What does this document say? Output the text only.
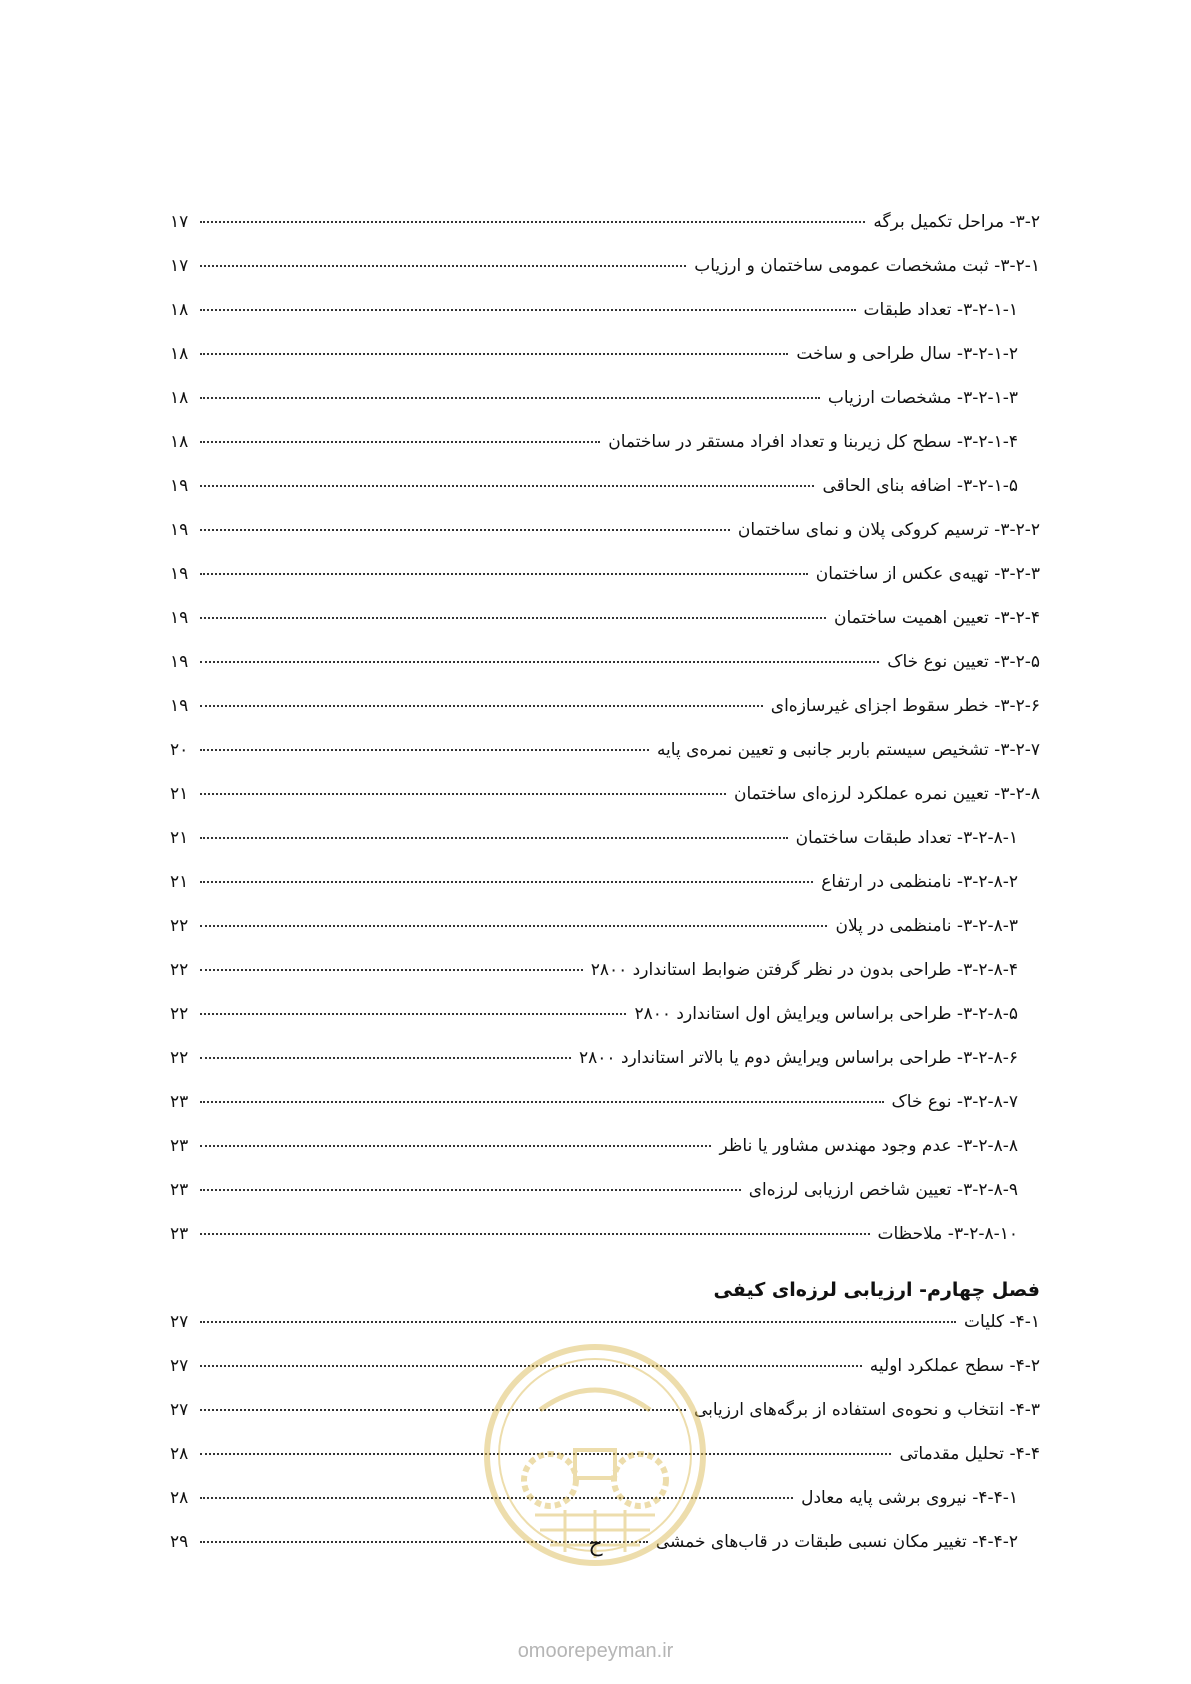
۳-۲- مراحل تکمیل برگه
۱۷
۳-۲-۱- ثبت مشخصات عمومی ساختمان و ارزیاب
۱۷
۳-۲-۱-۱- تعداد طبقات
۱۸
۳-۲-۱-۲- سال طراحی و ساخت
۱۸
۳-۲-۱-۳- مشخصات ارزیاب
۱۸
۳-۲-۱-۴- سطح کل زیربنا و تعداد افراد مستقر در ساختمان
۱۸
۳-۲-۱-۵- اضافه بنای الحاقی
۱۹
۳-۲-۲- ترسیم کروکی پلان و نمای ساختمان
۱۹
۳-۲-۳- تهیه‌ی عکس از ساختمان
۱۹
۳-۲-۴- تعیین اهمیت ساختمان
۱۹
۳-۲-۵- تعیین نوع خاک
۱۹
۳-۲-۶- خطر سقوط اجزای غیرسازه‌ای
۱۹
۳-۲-۷- تشخیص سیستم باربر جانبی و تعیین نمره‌ی پایه
۲۰
۳-۲-۸- تعیین نمره عملکرد لرزه‌ای ساختمان
۲۱
۳-۲-۸-۱- تعداد طبقات ساختمان
۲۱
۳-۲-۸-۲- نامنظمی در ارتفاع
۲۱
۳-۲-۸-۳- نامنظمی در پلان
۲۲
۳-۲-۸-۴- طراحی بدون در نظر گرفتن ضوابط استاندارد ۲۸۰۰
۲۲
۳-۲-۸-۵- طراحی براساس ویرایش اول استاندارد ۲۸۰۰
۲۲
۳-۲-۸-۶- طراحی براساس ویرایش دوم یا بالاتر استاندارد ۲۸۰۰
۲۲
۳-۲-۸-۷- نوع خاک
۲۳
۳-۲-۸-۸- عدم وجود مهندس مشاور یا ناظر
۲۳
۳-۲-۸-۹- تعیین شاخص ارزیابی لرزه‌ای
۲۳
۳-۲-۸-۱۰- ملاحظات
۲۳
فصل چهارم- ارزیابی لرزه‌ای کیفی
۴-۱- کلیات
۲۷
۴-۲- سطح عملکرد اولیه
۲۷
۴-۳- انتخاب و نحوه‌ی استفاده از برگه‌های ارزیابی
۲۷
۴-۴- تحلیل مقدماتی
۲۸
۴-۴-۱- نیروی برشی پایه معادل
۲۸
۴-۴-۲- تغییر مکان نسبی طبقات در قاب‌های خمشی
۲۹	ح
omoorepeyman.ir
